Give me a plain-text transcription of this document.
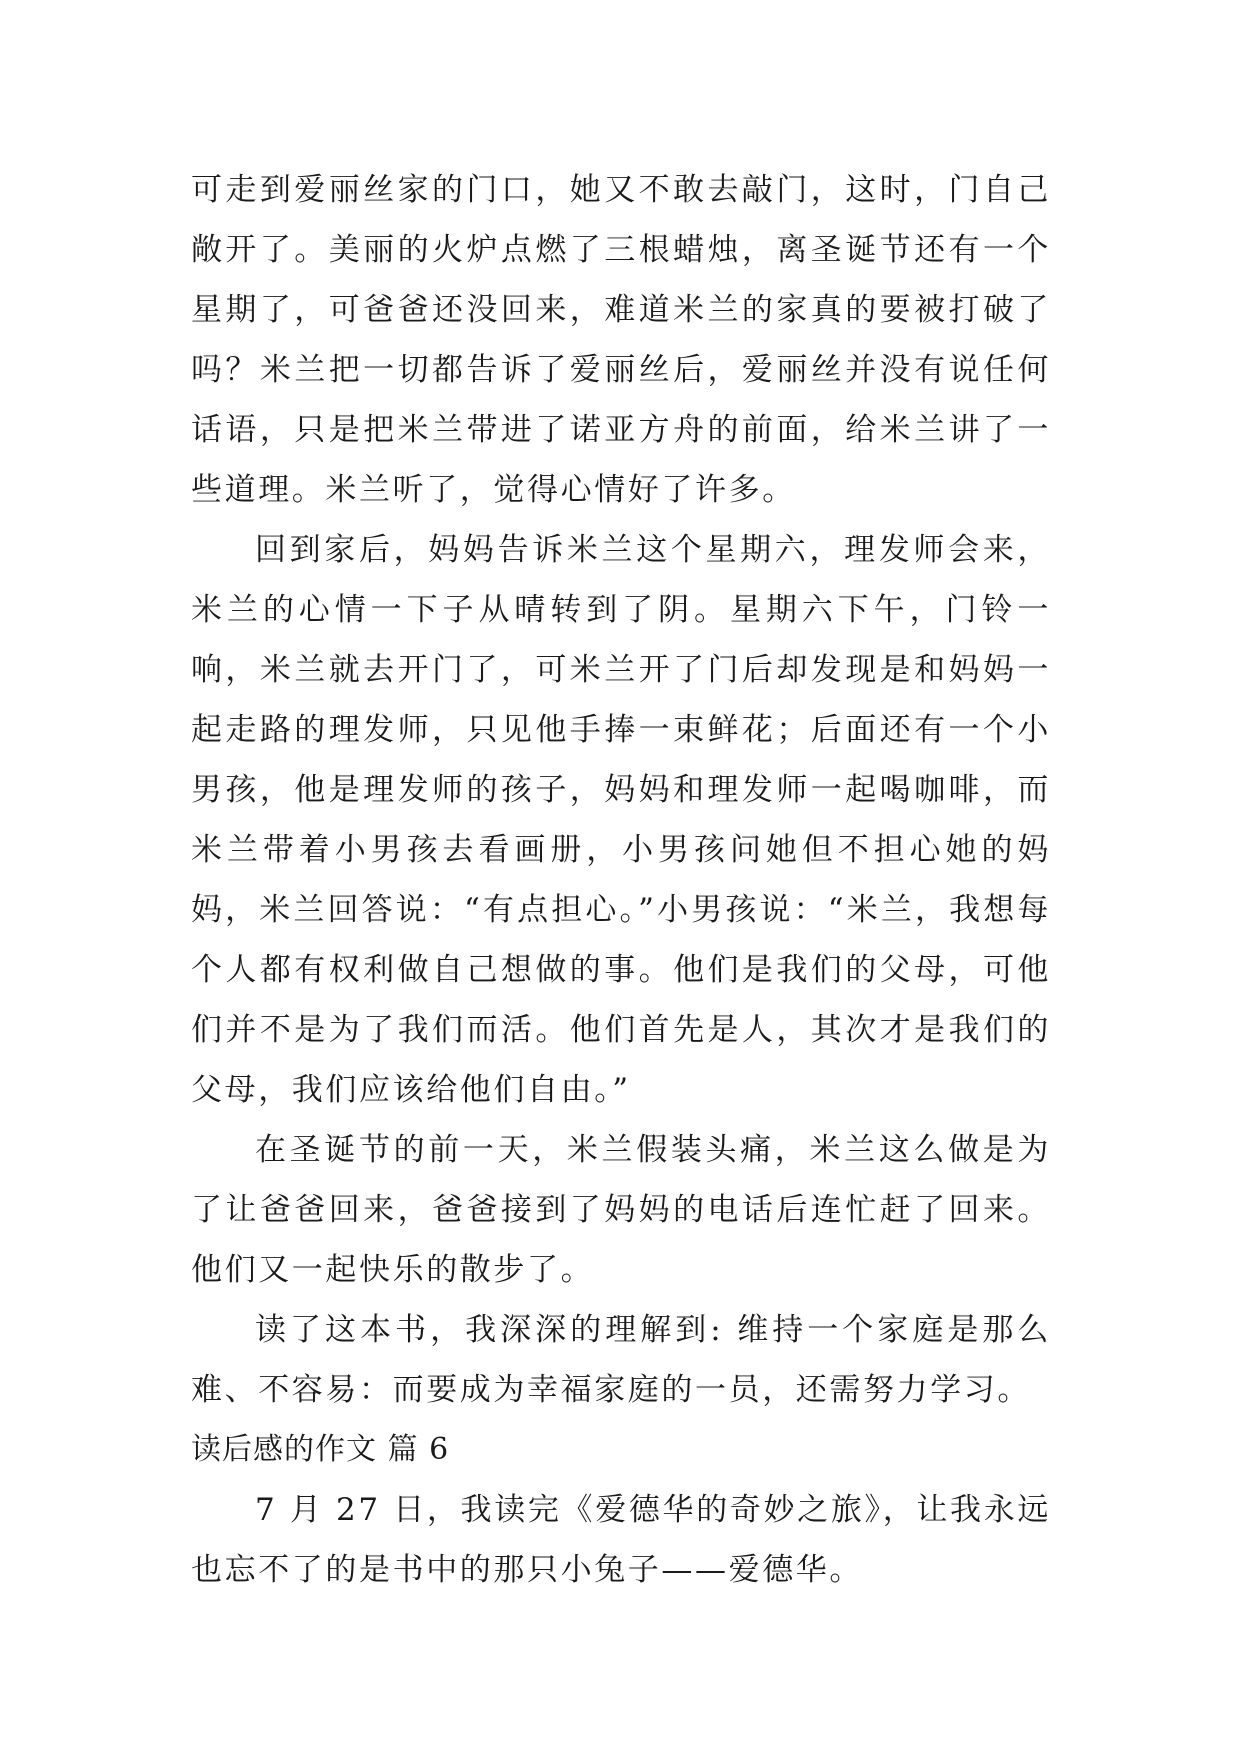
可走到爱丽丝家的门口，她又不敢去敲门，这时，门自己敞开了。美丽的火炉点燃了三根蜡烛，离圣诞节还有一个星期了，可爸爸还没回来，难道米兰的家真的要被打破了吗？米兰把一切都告诉了爱丽丝后，爱丽丝并没有说任何话语，只是把米兰带进了诺亚方舟的前面，给米兰讲了一些道理。米兰听了，觉得心情好了许多。

回到家后，妈妈告诉米兰这个星期六，理发师会来，米兰的心情一下子从晴转到了阴。星期六下午，门铃一响，米兰就去开门了，可米兰开了门后却发现是和妈妈一起走路的理发师，只见他手捧一束鲜花；后面还有一个小男孩，他是理发师的孩子，妈妈和理发师一起喝咖啡，而米兰带着小男孩去看画册，小男孩问她但不担心她的妈妈，米兰回答说：“有点担心。”小男孩说：“米兰，我想每个人都有权利做自己想做的事。他们是我们的父母，可他们并不是为了我们而活。他们首先是人，其次才是我们的父母，我们应该给他们自由。”

在圣诞节的前一天，米兰假装头痛，米兰这么做是为了让爸爸回来，爸爸接到了妈妈的电话后连忙赶了回来。他们又一起快乐的散步了。

读了这本书，我深深的理解到: 维持一个家庭是那么难、不容易：而要成为幸福家庭的一员，还需努力学习。

读后感的作文 篇 6

7 月 27 日，我读完《爱德华的奇妙之旅》，让我永远也忘不了的是书中的那只小兔子——爱德华。
